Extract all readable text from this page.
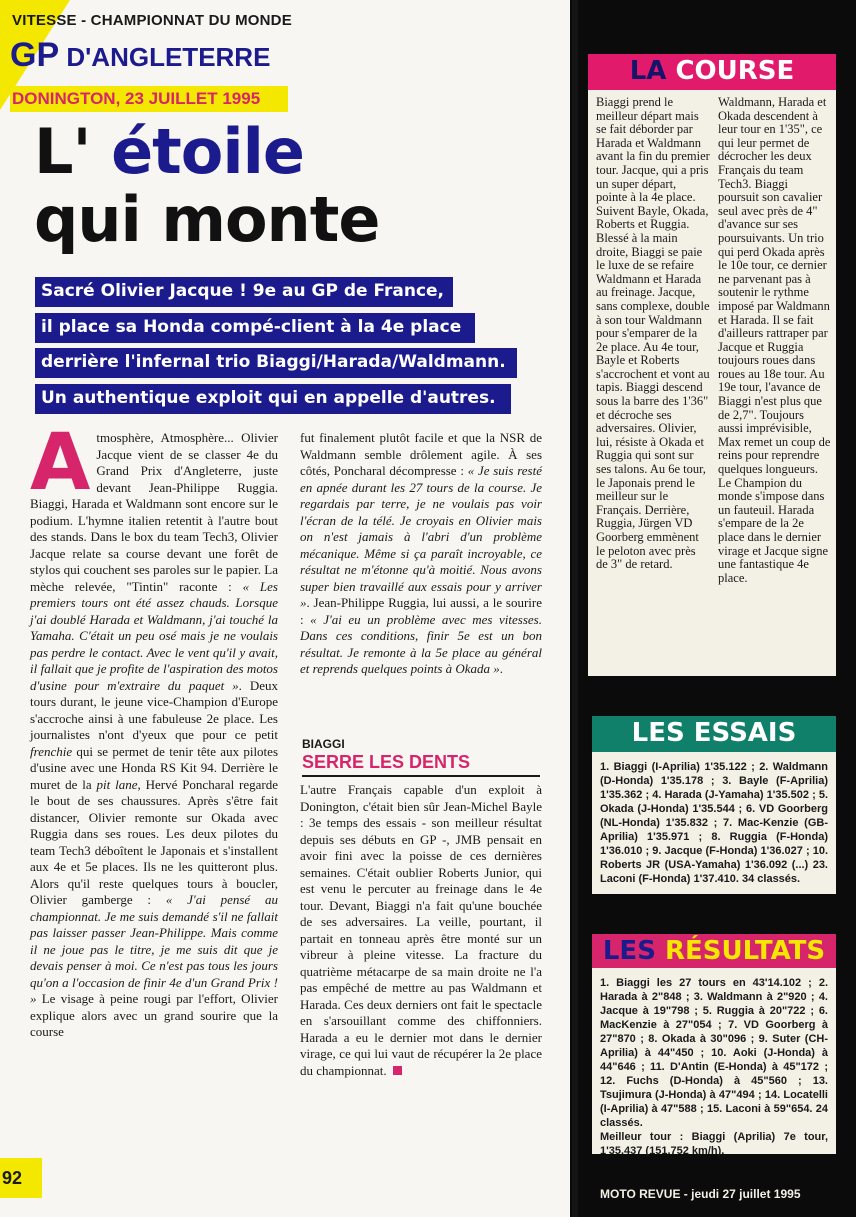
VITESSE - CHAMPIONNAT DU MONDE
GP D'ANGLETERRE
DONINGTON, 23 JUILLET 1995
L' étoile
qui monte
Sacré Olivier Jacque ! 9e au GP de France,
il place sa Honda compé-client à la 4e place
derrière l'infernal trio Biaggi/Harada/Waldmann.
Un authentique exploit qui en appelle d'autres.
A tmosphère, Atmosphère... Olivier Jacque vient de se classer 4e du Grand Prix d'Angleterre, juste devant Jean-Philippe Ruggia. Biaggi, Harada et Waldmann sont encore sur le podium. L'hymne italien retentit à l'autre bout des stands. Dans le box du team Tech3, Olivier Jacque relate sa course devant une forêt de stylos qui couchent ses paroles sur le papier. La mèche relevée, "Tintin" raconte : « Les premiers tours ont été assez chauds. Lorsque j'ai doublé Harada et Waldmann, j'ai touché la Yamaha. C'était un peu osé mais je ne voulais pas perdre le contact. Avec le vent qu'il y avait, il fallait que je profite de l'aspiration des motos d'usine pour m'extraire du paquet ». Deux tours durant, le jeune vice-Champion d'Europe s'accroche ainsi à une fabuleuse 2e place. Les journalistes n'ont d'yeux que pour ce petit frenchie qui se permet de tenir tête aux pilotes d'usine avec une Honda RS Kit 94. Derrière le muret de la pit lane, Hervé Poncharal regarde le bout de ses chaussures. Après s'être fait distancer, Olivier remonte sur Okada avec Ruggia dans ses roues. Les deux pilotes du team Tech3 déboîtent le Japonais et s'installent aux 4e et 5e places. Ils ne les quitteront plus. Alors qu'il reste quelques tours à boucler, Olivier gamberge : « J'ai pensé au championnat. Je me suis demandé s'il ne fallait pas laisser passer Jean-Philippe. Mais comme il ne joue pas le titre, je me suis dit que je devais penser à moi. Ce n'est pas tous les jours qu'on a l'occasion de finir 4e d'un Grand Prix ! » Le visage à peine rougi par l'effort, Olivier explique alors avec un grand sourire que la course
fut finalement plutôt facile et que la NSR de Waldmann semble drôlement agile. À ses côtés, Poncharal décompresse : « Je suis resté en apnée durant les 27 tours de la course. Je regardais par terre, je ne voulais pas voir l'écran de la télé. Je croyais en Olivier mais on n'est jamais à l'abri d'un problème mécanique. Même si ça paraît incroyable, ce résultat ne m'étonne qu'à moitié. Nous avons super bien travaillé aux essais pour y arriver ». Jean-Philippe Ruggia, lui aussi, a le sourire : « J'ai eu un problème avec mes vitesses. Dans ces conditions, finir 5e est un bon résultat. Je remonte à la 5e place au général et reprends quelques points à Okada ».
BIAGGI
SERRE LES DENTS
L'autre Français capable d'un exploit à Donington, c'était bien sûr Jean-Michel Bayle : 3e temps des essais - son meilleur résultat depuis ses débuts en GP -, JMB pensait en avoir fini avec la poisse de ces dernières semaines. C'était oublier Roberts Junior, qui est venu le percuter au freinage dans le 4e tour. Devant, Biaggi n'a fait qu'une bouchée de ses adversaires. La veille, pourtant, il partait en tonneau après être monté sur un vibreur à pleine vitesse. La fracture du quatrième métacarpe de sa main droite ne l'a pas empêché de mettre au pas Waldmann et Harada. Ces deux derniers ont fait le spectacle en s'arsouillant comme des chiffonniers. Harada a eu le dernier mot dans le dernier virage, ce qui lui vaut de récupérer la 2e place du championnat.
92
LA COURSE
Biaggi prend le meilleur départ mais se fait déborder par Harada et Waldmann avant la fin du premier tour. Jacque, qui a pris un super départ, pointe à la 4e place. Suivent Bayle, Okada, Roberts et Ruggia. Blessé à la main droite, Biaggi se paie le luxe de se refaire Waldmann et Harada au freinage. Jacque, sans complexe, double à son tour Waldmann pour s'emparer de la 2e place. Au 4e tour, Bayle et Roberts s'accrochent et vont au tapis. Biaggi descend sous la barre des 1'36" et décroche ses adversaires. Olivier, lui, résiste à Okada et Ruggia qui sont sur ses talons. Au 6e tour, le Japonais prend le meilleur sur le Français. Derrière, Ruggia, Jürgen VD Goorberg emmènent le peloton avec près de 3" de retard.
Waldmann, Harada et Okada descendent à leur tour en 1'35", ce qui leur permet de décrocher les deux Français du team Tech3. Biaggi poursuit son cavalier seul avec près de 4" d'avance sur ses poursuivants. Un trio qui perd Okada après le 10e tour, ce dernier ne parvenant pas à soutenir le rythme imposé par Waldmann et Harada. Il se fait d'ailleurs rattraper par Jacque et Ruggia toujours roues dans roues au 18e tour. Au 19e tour, l'avance de Biaggi n'est plus que de 2,7". Toujours aussi imprévisible, Max remet un coup de reins pour reprendre quelques longueurs. Le Champion du monde s'impose dans un fauteuil. Harada s'empare de la 2e place dans le dernier virage et Jacque signe une fantastique 4e place.
LES ESSAIS
1. Biaggi (I-Aprilia) 1'35.122 ; 2. Waldmann (D-Honda) 1'35.178 ; 3. Bayle (F-Aprilia) 1'35.362 ; 4. Harada (J-Yamaha) 1'35.502 ; 5. Okada (J-Honda) 1'35.544 ; 6. VD Goorberg (NL-Honda) 1'35.832 ; 7. Mac-Kenzie (GB-Aprilia) 1'35.971 ; 8. Ruggia (F-Honda) 1'36.010 ; 9. Jacque (F-Honda) 1'36.027 ; 10. Roberts JR (USA-Yamaha) 1'36.092 (...) 23. Laconi (F-Honda) 1'37.410. 34 classés.
LES RÉSULTATS
1. Biaggi les 27 tours en 43'14.102 ; 2. Harada à 2"848 ; 3. Waldmann à 2"920 ; 4. Jacque à 19"798 ; 5. Ruggia à 20"722 ; 6. MacKenzie à 27"054 ; 7. VD Goorberg à 27"870 ; 8. Okada à 30"096 ; 9. Suter (CH-Aprilia) à 44"450 ; 10. Aoki (J-Honda) à 44"646 ; 11. D'Antin (E-Honda) à 45"172 ; 12. Fuchs (D-Honda) à 45"560 ; 13. Tsujimura (J-Honda) à 47"494 ; 14. Locatelli (I-Aprilia) à 47"588 ; 15. Laconi à 59"654. 24 classés.
Meilleur tour : Biaggi (Aprilia) 7e tour, 1'35.437 (151.752 km/h).
MOTO REVUE - jeudi 27 juillet 1995
